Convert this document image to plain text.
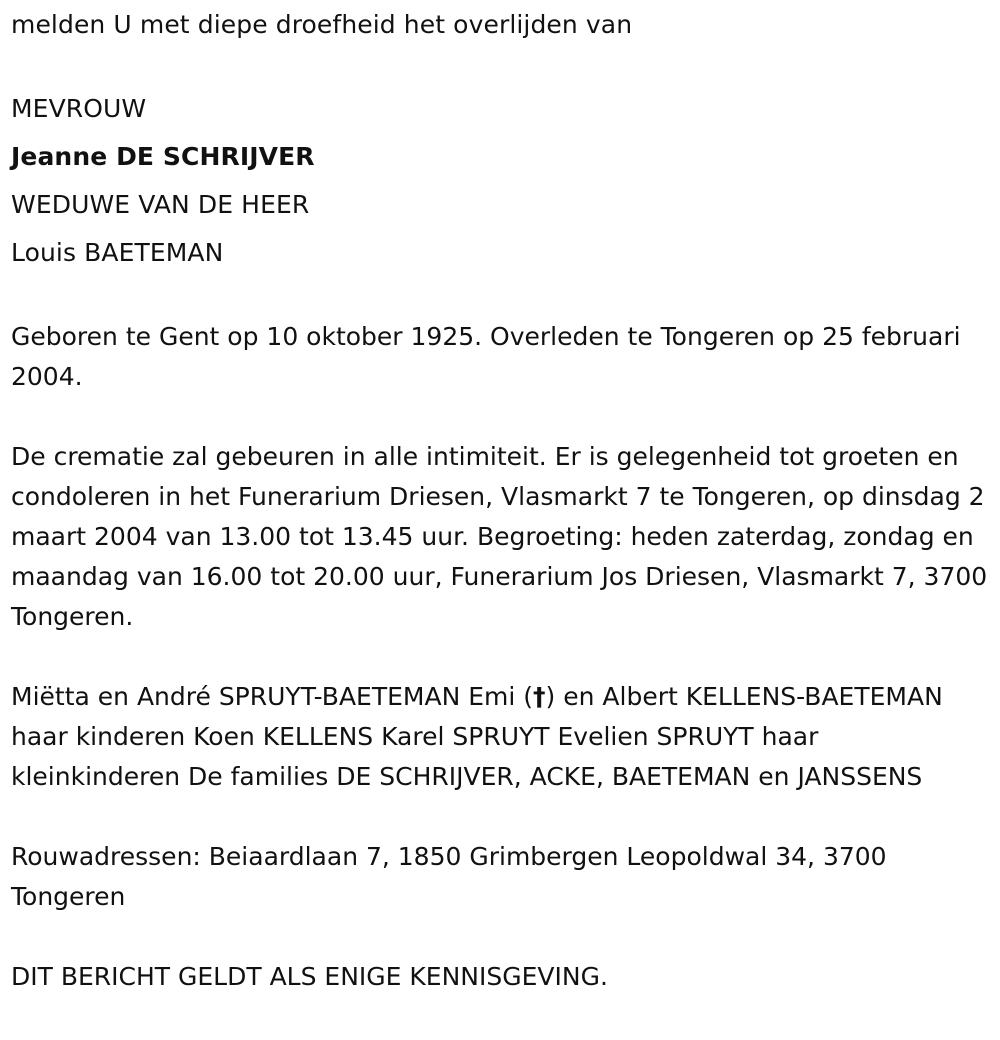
melden U met diepe droefheid het overlijden van

MEVROUW

Jeanne DE SCHRIJVER

WEDUWE VAN DE HEER

Louis BAETEMAN

Geboren te Gent op 10 oktober 1925. Overleden te Tongeren op 25 februari 2004.

De crematie zal gebeuren in alle intimiteit. Er is gelegenheid tot groeten en condoleren in het Funerarium Driesen, Vlasmarkt 7 te Tongeren, op dinsdag 2 maart 2004 van 13.00 tot 13.45 uur. Begroeting: heden zaterdag, zondag en maandag van 16.00 tot 20.00 uur, Funerarium Jos Driesen, Vlasmarkt 7, 3700 Tongeren.

Miëtta en André SPRUYT-BAETEMAN Emi (†) en Albert KELLENS-BAETEMAN haar kinderen Koen KELLENS Karel SPRUYT Evelien SPRUYT haar kleinkinderen De families DE SCHRIJVER, ACKE, BAETEMAN en JANSSENS

Rouwadressen: Beiaardlaan 7, 1850 Grimbergen Leopoldwal 34, 3700 Tongeren

DIT BERICHT GELDT ALS ENIGE KENNISGEVING.
